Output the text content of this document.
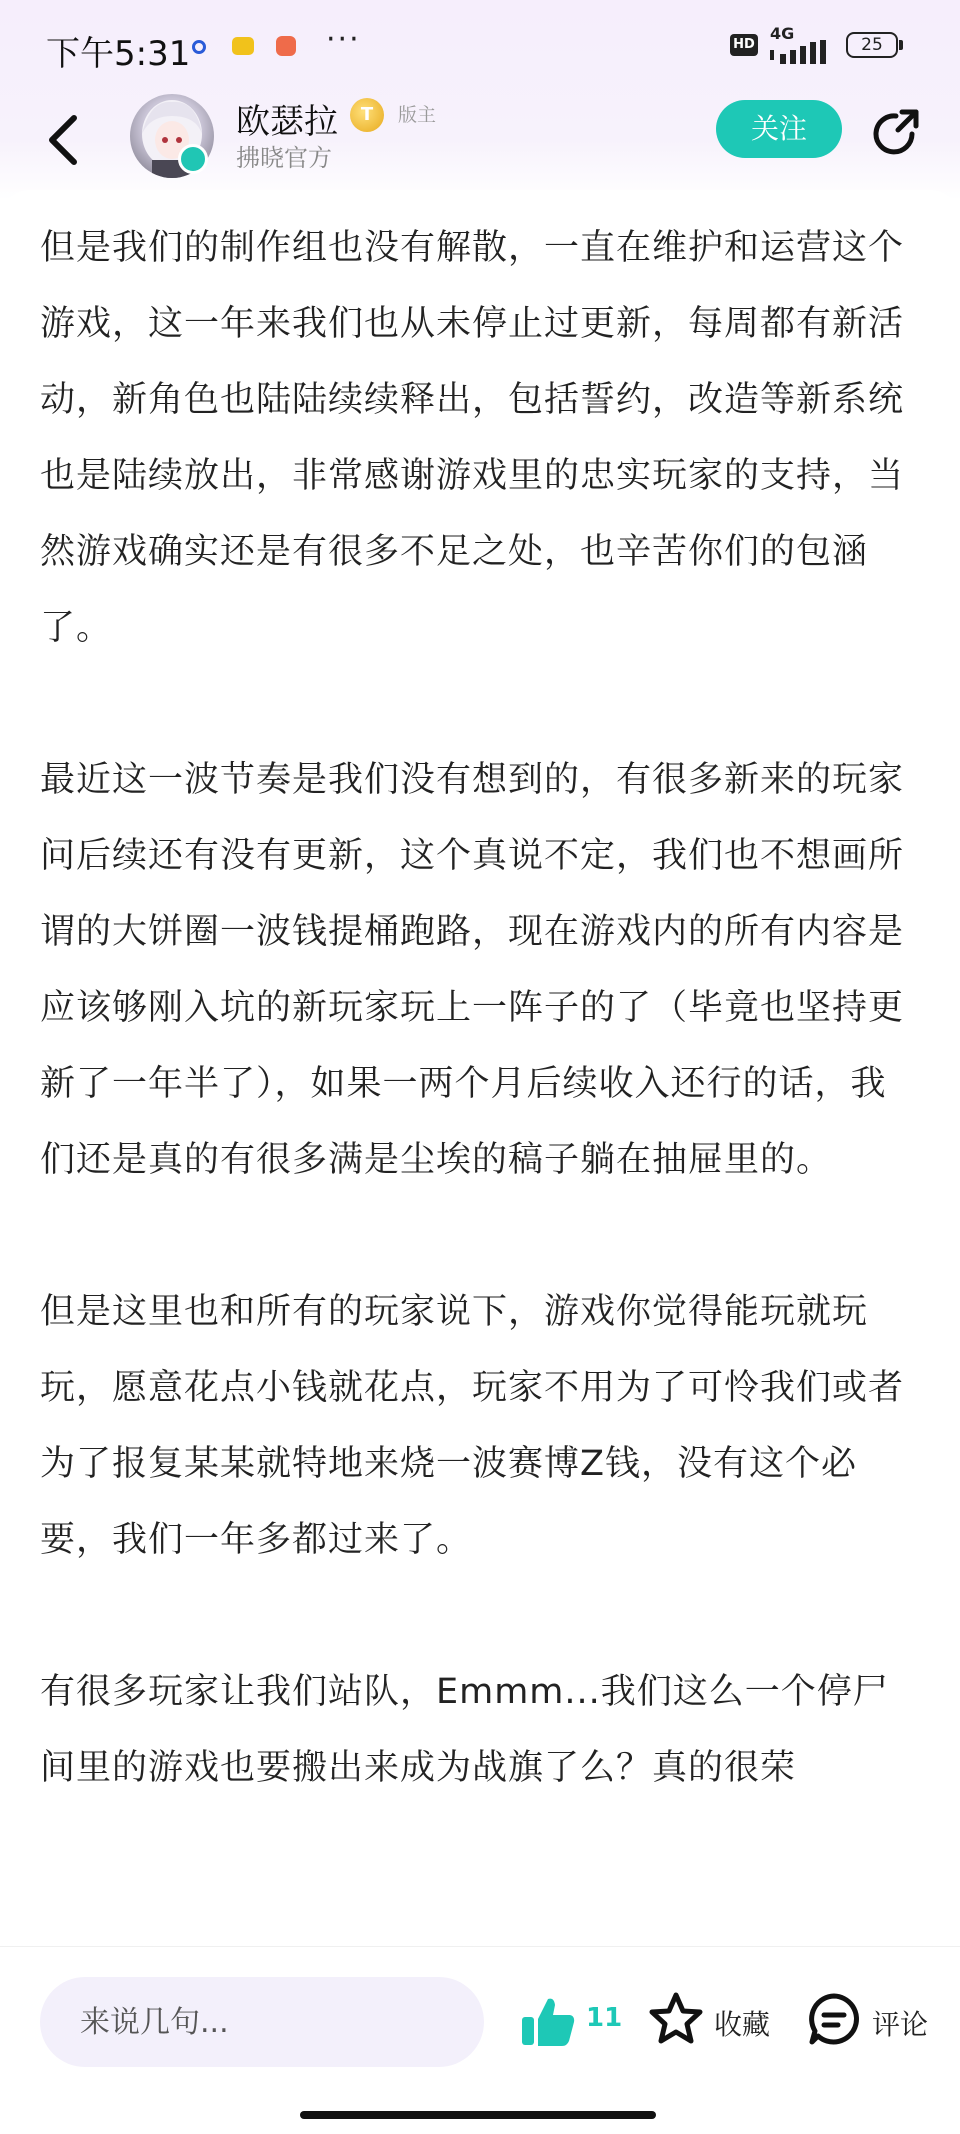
下午5:31	···	HD
4G
25
欧瑟拉	T	版主
拂晓官方
关注

但是我们的制作组也没有解散，一直在维护和运营这个游戏，这一年来我们也从未停止过更新，每周都有新活动，新角色也陆陆续续释出，包括誓约，改造等新系统也是陆续放出，非常感谢游戏里的忠实玩家的支持，当然游戏确实还是有很多不足之处，也辛苦你们的包涵了。

最近这一波节奏是我们没有想到的，有很多新来的玩家问后续还有没有更新，这个真说不定，我们也不想画所谓的大饼圈一波钱提桶跑路，现在游戏内的所有内容是应该够刚入坑的新玩家玩上一阵子的了（毕竟也坚持更新了一年半了），如果一两个月后续收入还行的话，我们还是真的有很多满是尘埃的稿子躺在抽屉里的。

但是这里也和所有的玩家说下，游戏你觉得能玩就玩玩，愿意花点小钱就花点，玩家不用为了可怜我们或者为了报复某某就特地来烧一波赛博Z钱，没有这个必要，我们一年多都过来了。

有很多玩家让我们站队，Emmm...我们这么一个停尸间里的游戏也要搬出来成为战旗了么？真的很荣

来说几句...
11	收藏	评论
